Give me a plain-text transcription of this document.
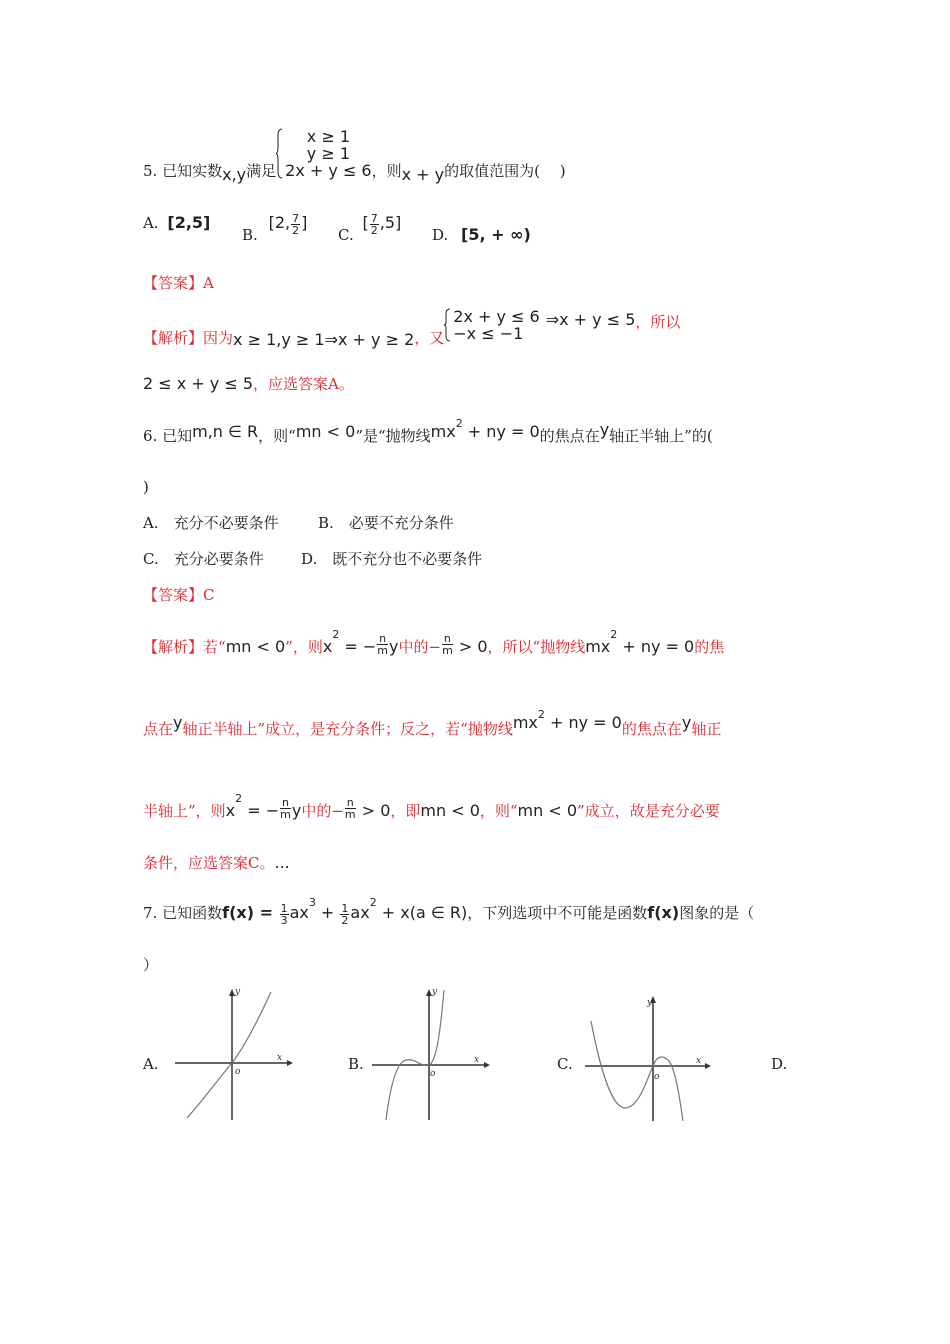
5. 已知实数x,y满足
x ≥ 1
y ≥ 1
2x + y ≤ 6 ，则x + y的取值范围为(　 )
A. [2,5]
B. [2, $\frac{7}{2}$ ]
C. [ $\frac{7}{2} ,5$]
D. [5, + ∞)
【答案】A
【解析】因为x ≥ 1,y ≥ 1⇒x + y ≥ 2，又
2x + y ≤ 6
−x ≤ −1
⇒x + y ≤ 5，所以
2 ≤ x + y ≤ 5，应选答案A。
6. 已知m,n ∈ R，则“mn < 0”是“抛物线$mx^2$ + ny = 0的焦点在y轴正半轴上”的(
)
A.　充分不必要条件	B.　必要不充分条件
C.　充分必要条件 D.　既不充分也不必要条件
【答案】C
【解析】若“mn < 0”，则$x^2$ = − $\frac{n}{m}$ y中的− $\frac{n}{m} > 0$，所以“抛物线$mx^2$ + ny = 0的焦
点在y轴正半轴上”成立，是充分条件；反之，若“抛物线$mx^2$ + ny = 0的焦点在y轴正
半轴上”，则$x^2$ = − $\frac{n}{m}$ y中的− $\frac{n}{m} > 0$，即mn < 0，则“mn < 0”成立，故是充分必要
条件，应选答案C。...
7. 已知函数$f(x) = \frac{1}{3} ax^3 + \frac{1}{2} ax^2 + x(a$ ∈ R)，下列选项中不可能是函数f(x)图象的是（
）
A.	B.	C.	D.
x
y
o
x
y
o
x
y
o
